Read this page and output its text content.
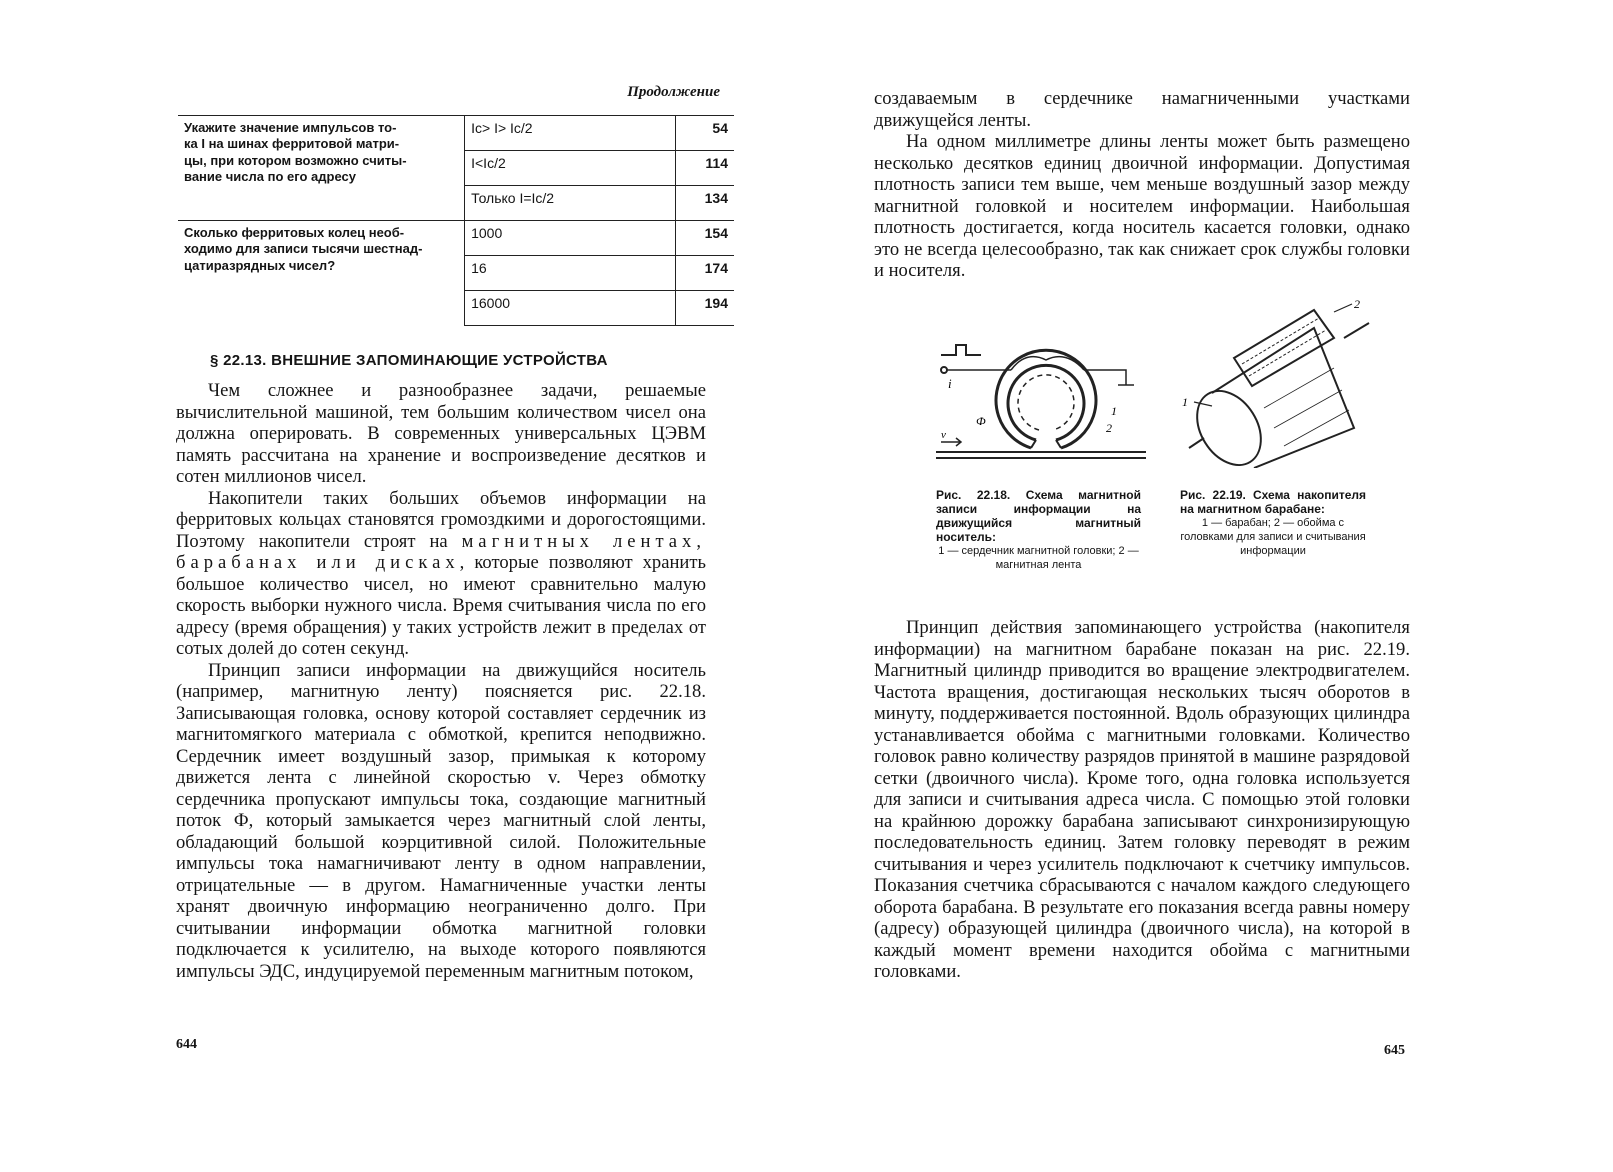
Продолжение
Укажите значение импульсов то-
ка I на шинах ферритовой матри-
цы, при котором возможно считы-
вание числа по его адресу	Iс> I> Iс/2	54
	I<Iс/2	114
	Только I=Iс/2	134

Сколько ферритовых колец необ-
ходимо для записи тысячи шестнад-
цатиразрядных чисел?	1000	154
	16	174
	16000	194
§ 22.13. ВНЕШНИЕ ЗАПОМИНАЮЩИЕ УСТРОЙСТВА

Чем сложнее и разнообразнее задачи, решаемые вычислительной машиной, тем большим количеством чисел она должна оперировать. В современных универсальных ЦЭВМ память рассчитана на хранение и воспроизведение десятков и сотен миллионов чисел.

Накопители таких больших объемов информации на ферритовых кольцах становятся громоздкими и дорогостоящими. Поэтому накопители строят на магнитных лентах, барабанах или дисках, которые позволяют хранить большое количество чисел, но имеют сравнительно малую скорость выборки нужного числа. Время считывания числа по его адресу (время обращения) у таких устройств лежит в пределах от сотых долей до сотен секунд.

Принцип записи информации на движущийся носитель (например, магнитную ленту) поясняется рис. 22.18. Записывающая головка, основу которой составляет сердечник из магнитомягкого материала с обмоткой, крепится неподвижно. Сердечник имеет воздушный зазор, примыкая к которому движется лента с линейной скоростью v. Через обмотку сердечника пропускают импульсы тока, создающие магнитный поток Ф, который замыкается через магнитный слой ленты, обладающий большой коэрцитивной силой. Положительные импульсы тока намагничивают ленту в одном направлении, отрицательные — в другом. Намагниченные участки ленты хранят двоичную информацию неограниченно долго. При считывании информации обмотка магнитной головки подключается к усилителю, на выходе которого появляются импульсы ЭДС, индуцируемой переменным магнитным потоком,

644

создаваемым в сердечнике намагниченными участками движущейся ленты.

На одном миллиметре длины ленты может быть размещено несколько десятков единиц двоичной информации. Допустимая плотность записи тем выше, чем меньше воздушный зазор между магнитной головкой и носителем информации. Наибольшая плотность достигается, когда носитель касается головки, однако это не всегда целесообразно, так как снижает срок службы головки и носителя.

i
Ф
1
2
v
2
1
Рис. 22.18. Схема магнитной записи информации на движущийся магнитный носитель:
1 — сердечник магнитной головки; 2 — магнитная лента
Рис. 22.19. Схема накопителя на магнитном барабане:
1 — барабан; 2 — обойма с головками для записи и считывания информации

Принцип действия запоминающего устройства (накопителя информации) на магнитном барабане показан на рис. 22.19. Магнитный цилиндр приводится во вращение электродвигателем. Частота вращения, достигающая нескольких тысяч оборотов в минуту, поддерживается постоянной. Вдоль образующих цилиндра устанавливается обойма с магнитными головками. Количество головок равно количеству разрядов принятой в машине разрядовой сетки (двоичного числа). Кроме того, одна головка используется для записи и считывания адреса числа. С помощью этой головки на крайнюю дорожку барабана записывают синхронизирующую последовательность единиц. Затем головку переводят в режим считывания и через усилитель подключают к счетчику импульсов. Показания счетчика сбрасываются с началом каждого следующего оборота барабана. В результате его показания всегда равны номеру (адресу) образующей цилиндра (двоичного числа), на которой в каждый момент времени находится обойма с магнитными головками.

645
